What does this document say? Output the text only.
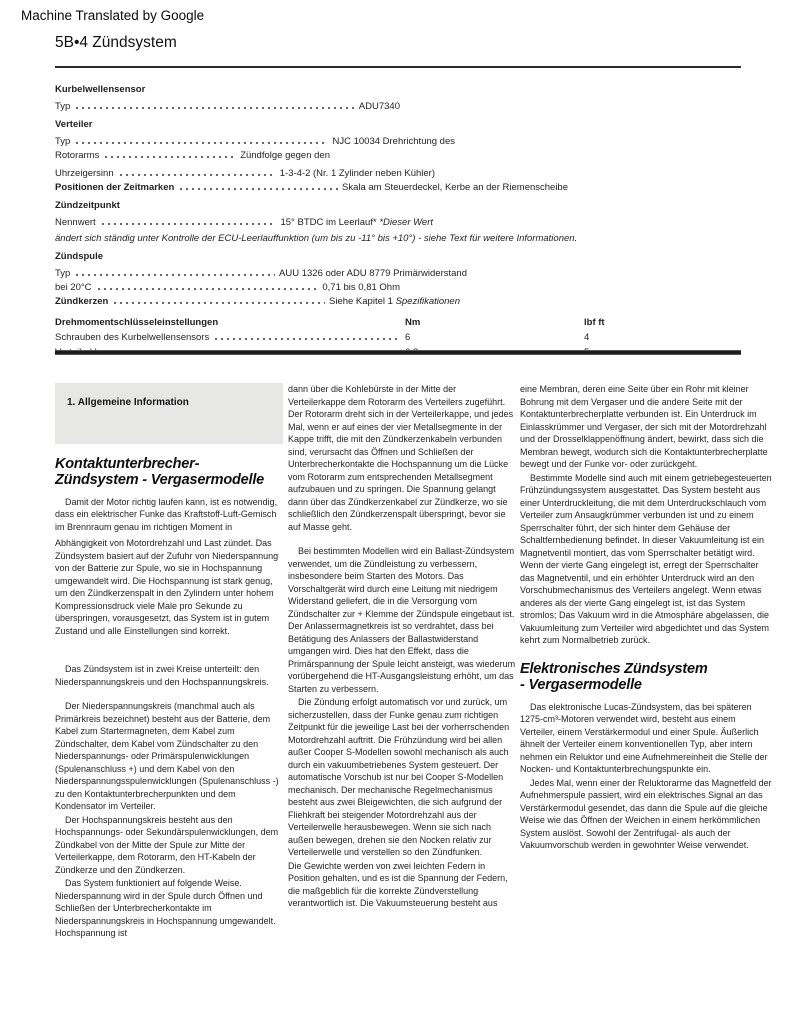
Machine Translated by Google
5B•4 Zündsystem
Kurbelwellensensor
Typ	ADU7340
Verteiler
Typ	NJC 10034 Drehrichtung des
Rotorarms	Zündfolge gegen den
Uhrzeigersinn	1-3-4-2 (Nr. 1 Zylinder neben Kühler)
Positionen der Zeitmarken	Skala am Steuerdeckel, Kerbe an der Riemenscheibe
Zündzeitpunkt
Nennwert	15° BTDC im Leerlauf*
*Dieser Wert
ändert sich ständig unter Kontrolle der ECU-Leerlauffunktion (um bis zu -11° bis +10°) - siehe Text für weitere Informationen.
Zündspule
Typ	AUU 1326 oder ADU 8779 Primärwiderstand
bei 20°C	0,71 bis 0,81 Ohm
Zündkerzen	Siehe Kapitel 1
Spezifikationen
Drehmomentschlüsseleinstellungen	Nm	lbf ft
Schrauben des Kurbelwellensensors	6	4
1. Allgemeine Information
Kontaktunterbrecher-
Zündsystem - Vergasermodelle

Damit der Motor richtig laufen kann, ist es notwendig, dass ein elektrischer Funke das Kraftstoff-Luft-Gemisch im Brennraum genau im richtigen Moment in

Abhängigkeit von Motordrehzahl und Last zündet. Das Zündsystem basiert auf der Zufuhr von Niederspannung von der Batterie zur Spule, wo sie in Hochspannung umgewandelt wird. Die Hochspannung ist stark genug, um den Zündkerzenspalt in den Zylindern unter hohem Kompressionsdruck viele Male pro Sekunde zu überspringen, vorausgesetzt, das System ist in gutem Zustand und alle Einstellungen sind korrekt.

Das Zündsystem ist in zwei Kreise unterteilt: den Niederspannungskreis und den Hochspannungskreis.

Der Niederspannungskreis (manchmal auch als Primärkreis bezeichnet) besteht aus der Batterie, dem Kabel zum Startermagneten, dem Kabel zum Zündschalter, dem Kabel vom Zündschalter zu den Niederspannungs- oder Primärspulenwicklungen (Spulenanschluss +) und dem Kabel von den Niederspannungsspulenwicklungen (Spulenanschluss -) zu den Kontaktunterbrecherpunkten und dem Kondensator im Verteiler.

Der Hochspannungskreis besteht aus den Hochspannungs- oder Sekundärspulenwicklungen, dem Zündkabel von der Mitte der Spule zur Mitte der Verteilerkappe, dem Rotorarm, den HT-Kabeln der Zündkerze und den Zündkerzen.

Das System funktioniert auf folgende Weise. Niederspannung wird in der Spule durch Öffnen und Schließen der Unterbrecherkontakte im Niederspannungskreis in Hochspannung umgewandelt. Hochspannung ist

dann über die Kohlebürste in der Mitte der Verteilerkappe dem Rotorarm des Verteilers zugeführt. Der Rotorarm dreht sich in der Verteilerkappe, und jedes Mal, wenn er auf eines der vier Metallsegmente in der Kappe trifft, die mit den Zündkerzenkabeln verbunden sind, verursacht das Öffnen und Schließen der Unterbrecherkontakte die Hochspannung um die Lücke vom Rotorarm zum entsprechenden Metallsegment aufzubauen und zu springen. Die Spannung gelangt dann über das Zündkerzenkabel zur Zündkerze, wo sie schließlich den Zündkerzenspalt überspringt, bevor sie auf Masse geht.

Bei bestimmten Modellen wird ein Ballast-Zündsystem verwendet, um die Zündleistung zu verbessern, insbesondere beim Starten des Motors. Das Vorschaltgerät wird durch eine Leitung mit niedrigem Widerstand geliefert, die in die Versorgung vom Zündschalter zur + Klemme der Zündspule eingebaut ist. Der Anlassermagnetkreis ist so verdrahtet, dass bei Betätigung des Anlassers der Ballastwiderstand umgangen wird. Dies hat den Effekt, dass die Primärspannung der Spule leicht ansteigt, was wiederum vorübergehend die HT-Ausgangsleistung erhöht, um das Starten zu verbessern.

Die Zündung erfolgt automatisch vor und zurück, um sicherzustellen, dass der Funke genau zum richtigen Zeitpunkt für die jeweilige Last bei der vorherrschenden Motordrehzahl auftritt. Die Frühzündung wird bei allen außer Cooper S-Modellen sowohl mechanisch als auch durch ein vakuumbetriebenes System gesteuert. Der automatische Vorschub ist nur bei Cooper S-Modellen mechanisch. Der mechanische Regelmechanismus besteht aus zwei Bleigewichten, die sich aufgrund der Fliehkraft bei steigender Motordrehzahl aus der Verteilerwelle herausbewegen. Wenn sie sich nach außen bewegen, drehen sie den Nocken relativ zur Verteilerwelle und verstellen so den Zündfunken.

Die Gewichte werden von zwei leichten Federn in Position gehalten, und es ist die Spannung der Federn, die maßgeblich für die korrekte Zündverstellung verantwortlich ist. Die Vakuumsteuerung besteht aus

eine Membran, deren eine Seite über ein Rohr mit kleiner Bohrung mit dem Vergaser und die andere Seite mit der Kontaktunterbrecherplatte verbunden ist. Ein Unterdruck im Einlasskrümmer und Vergaser, der sich mit der Motordrehzahl und der Drosselklappenöffnung ändert, bewirkt, dass sich die Membran bewegt, wodurch sich die Kontaktunterbrecherplatte bewegt und der Funke vor- oder zurückgeht.

Bestimmte Modelle sind auch mit einem getriebegesteuerten Frühzündungssystem ausgestattet. Das System besteht aus einer Unterdruckleitung, die mit dem Unterdruckschlauch vom Verteiler zum Ansaugkrümmer verbunden ist und zu einem Sperrschalter führt, der sich hinter dem Gehäuse der Schaltfernbedienung befindet. In dieser Vakuumleitung ist ein Magnetventil montiert, das vom Sperrschalter betätigt wird. Wenn der vierte Gang eingelegt ist, erregt der Sperrschalter das Magnetventil, und ein erhöhter Unterdruck wird an den Vorschubmechanismus des Verteilers angelegt. Wenn etwas anderes als der vierte Gang eingelegt ist, ist das System stromlos; Das Vakuum wird in die Atmosphäre abgelassen, die Vakuumleitung zum Verteiler wird abgedichtet und das System kehrt zum Normalbetrieb zurück.

Elektronisches Zündsystem
- Vergasermodelle

Das elektronische Lucas-Zündsystem, das bei späteren 1275-cm³-Motoren verwendet wird, besteht aus einem Verteiler, einem Verstärkermodul und einer Spule. Äußerlich ähnelt der Verteiler einem konventionellen Typ, aber intern nehmen ein Reluktor und eine Aufnehmereinheit die Stelle der Nocken- und Kontaktunterbrechungspunkte ein.

Jedes Mal, wenn einer der Reluktorarme das Magnetfeld der Aufnehmerspule passiert, wird ein elektrisches Signal an das Verstärkermodul gesendet, das dann die Spule auf die gleiche Weise wie das Öffnen der Weichen in einem herkömmlichen System auslöst. Sowohl der Zentrifugal- als auch der Vakuumvorschub werden in gewohnter Weise verwendet.
